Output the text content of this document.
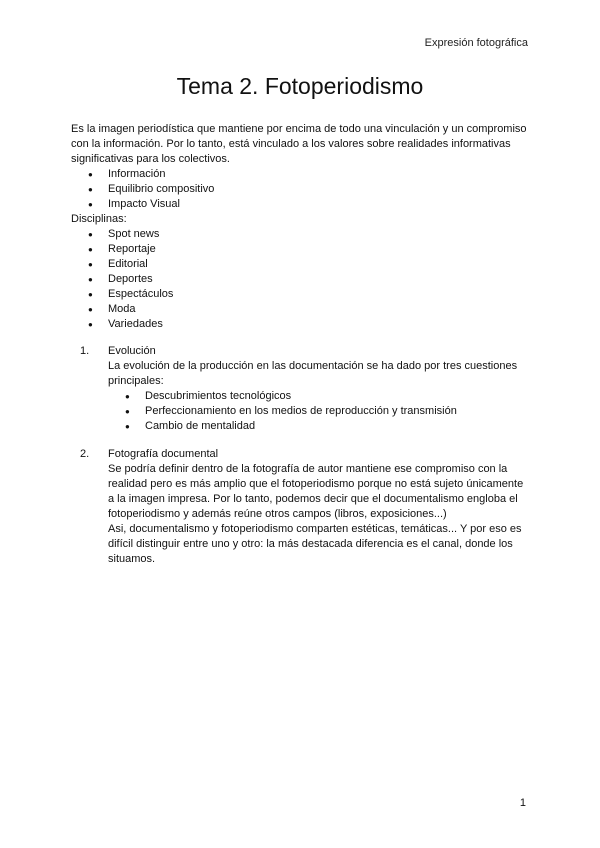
Expresión fotográfica
Tema 2. Fotoperiodismo

Es la imagen periodística que mantiene por encima de todo una vinculación y un compromiso con la información. Por lo tanto, está vinculado a los valores sobre realidades informativas significativas para los colectivos.

● Información
● Equilibrio compositivo
● Impacto Visual

Disciplinas:

● Spot news
● Reportaje
● Editorial
● Deportes
● Espectáculos
● Moda
● Variedades
1. Evolución

La evolución de la producción en las documentación se ha dado por tres cuestiones principales:

● Descubrimientos tecnológicos
● Perfeccionamiento en los medios de reproducción y transmisión
● Cambio de mentalidad
2. Fotografía documental

Se podría definir dentro de la fotografía de autor mantiene ese compromiso con la realidad pero es más amplio que el fotoperiodismo porque no está sujeto únicamente a la imagen impresa. Por lo tanto, podemos decir que el documentalismo engloba el fotoperiodismo y además reúne otros campos (libros, exposiciones...)

Asi, documentalismo y fotoperiodismo comparten estéticas, temáticas... Y por eso es difícil distinguir entre uno y otro: la más destacada diferencia es el canal, donde los situamos.

1
